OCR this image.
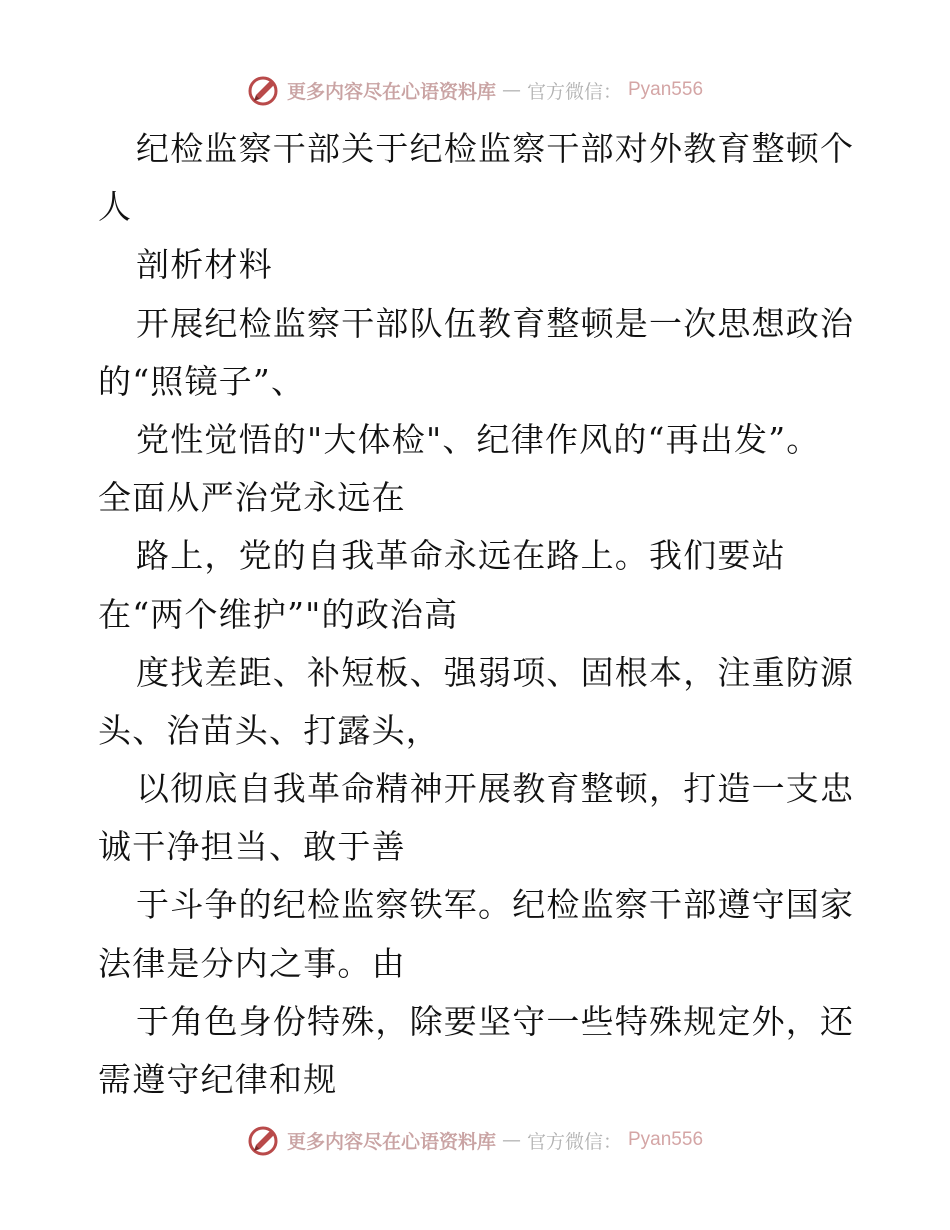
更多内容尽在心语资料库 — 官方微信： Pyan556
纪检监察干部关于纪检监察干部对外教育整顿个
人
剖析材料
开展纪检监察干部队伍教育整顿是一次思想政治
的“照镜子”、
党性觉悟的"大体检"、纪律作风的“再出发”。
全面从严治党永远在
路上，党的自我革命永远在路上。我们要站
在“两个维护”"的政治高
度找差距、补短板、强弱项、固根本，注重防源
头、治苗头、打露头，
以彻底自我革命精神开展教育整顿，打造一支忠
诚干净担当、敢于善
于斗争的纪检监察铁军。纪检监察干部遵守国家
法律是分内之事。由
于角色身份特殊，除要坚守一些特殊规定外，还
需遵守纪律和规
更多内容尽在心语资料库 — 官方微信： Pyan556
